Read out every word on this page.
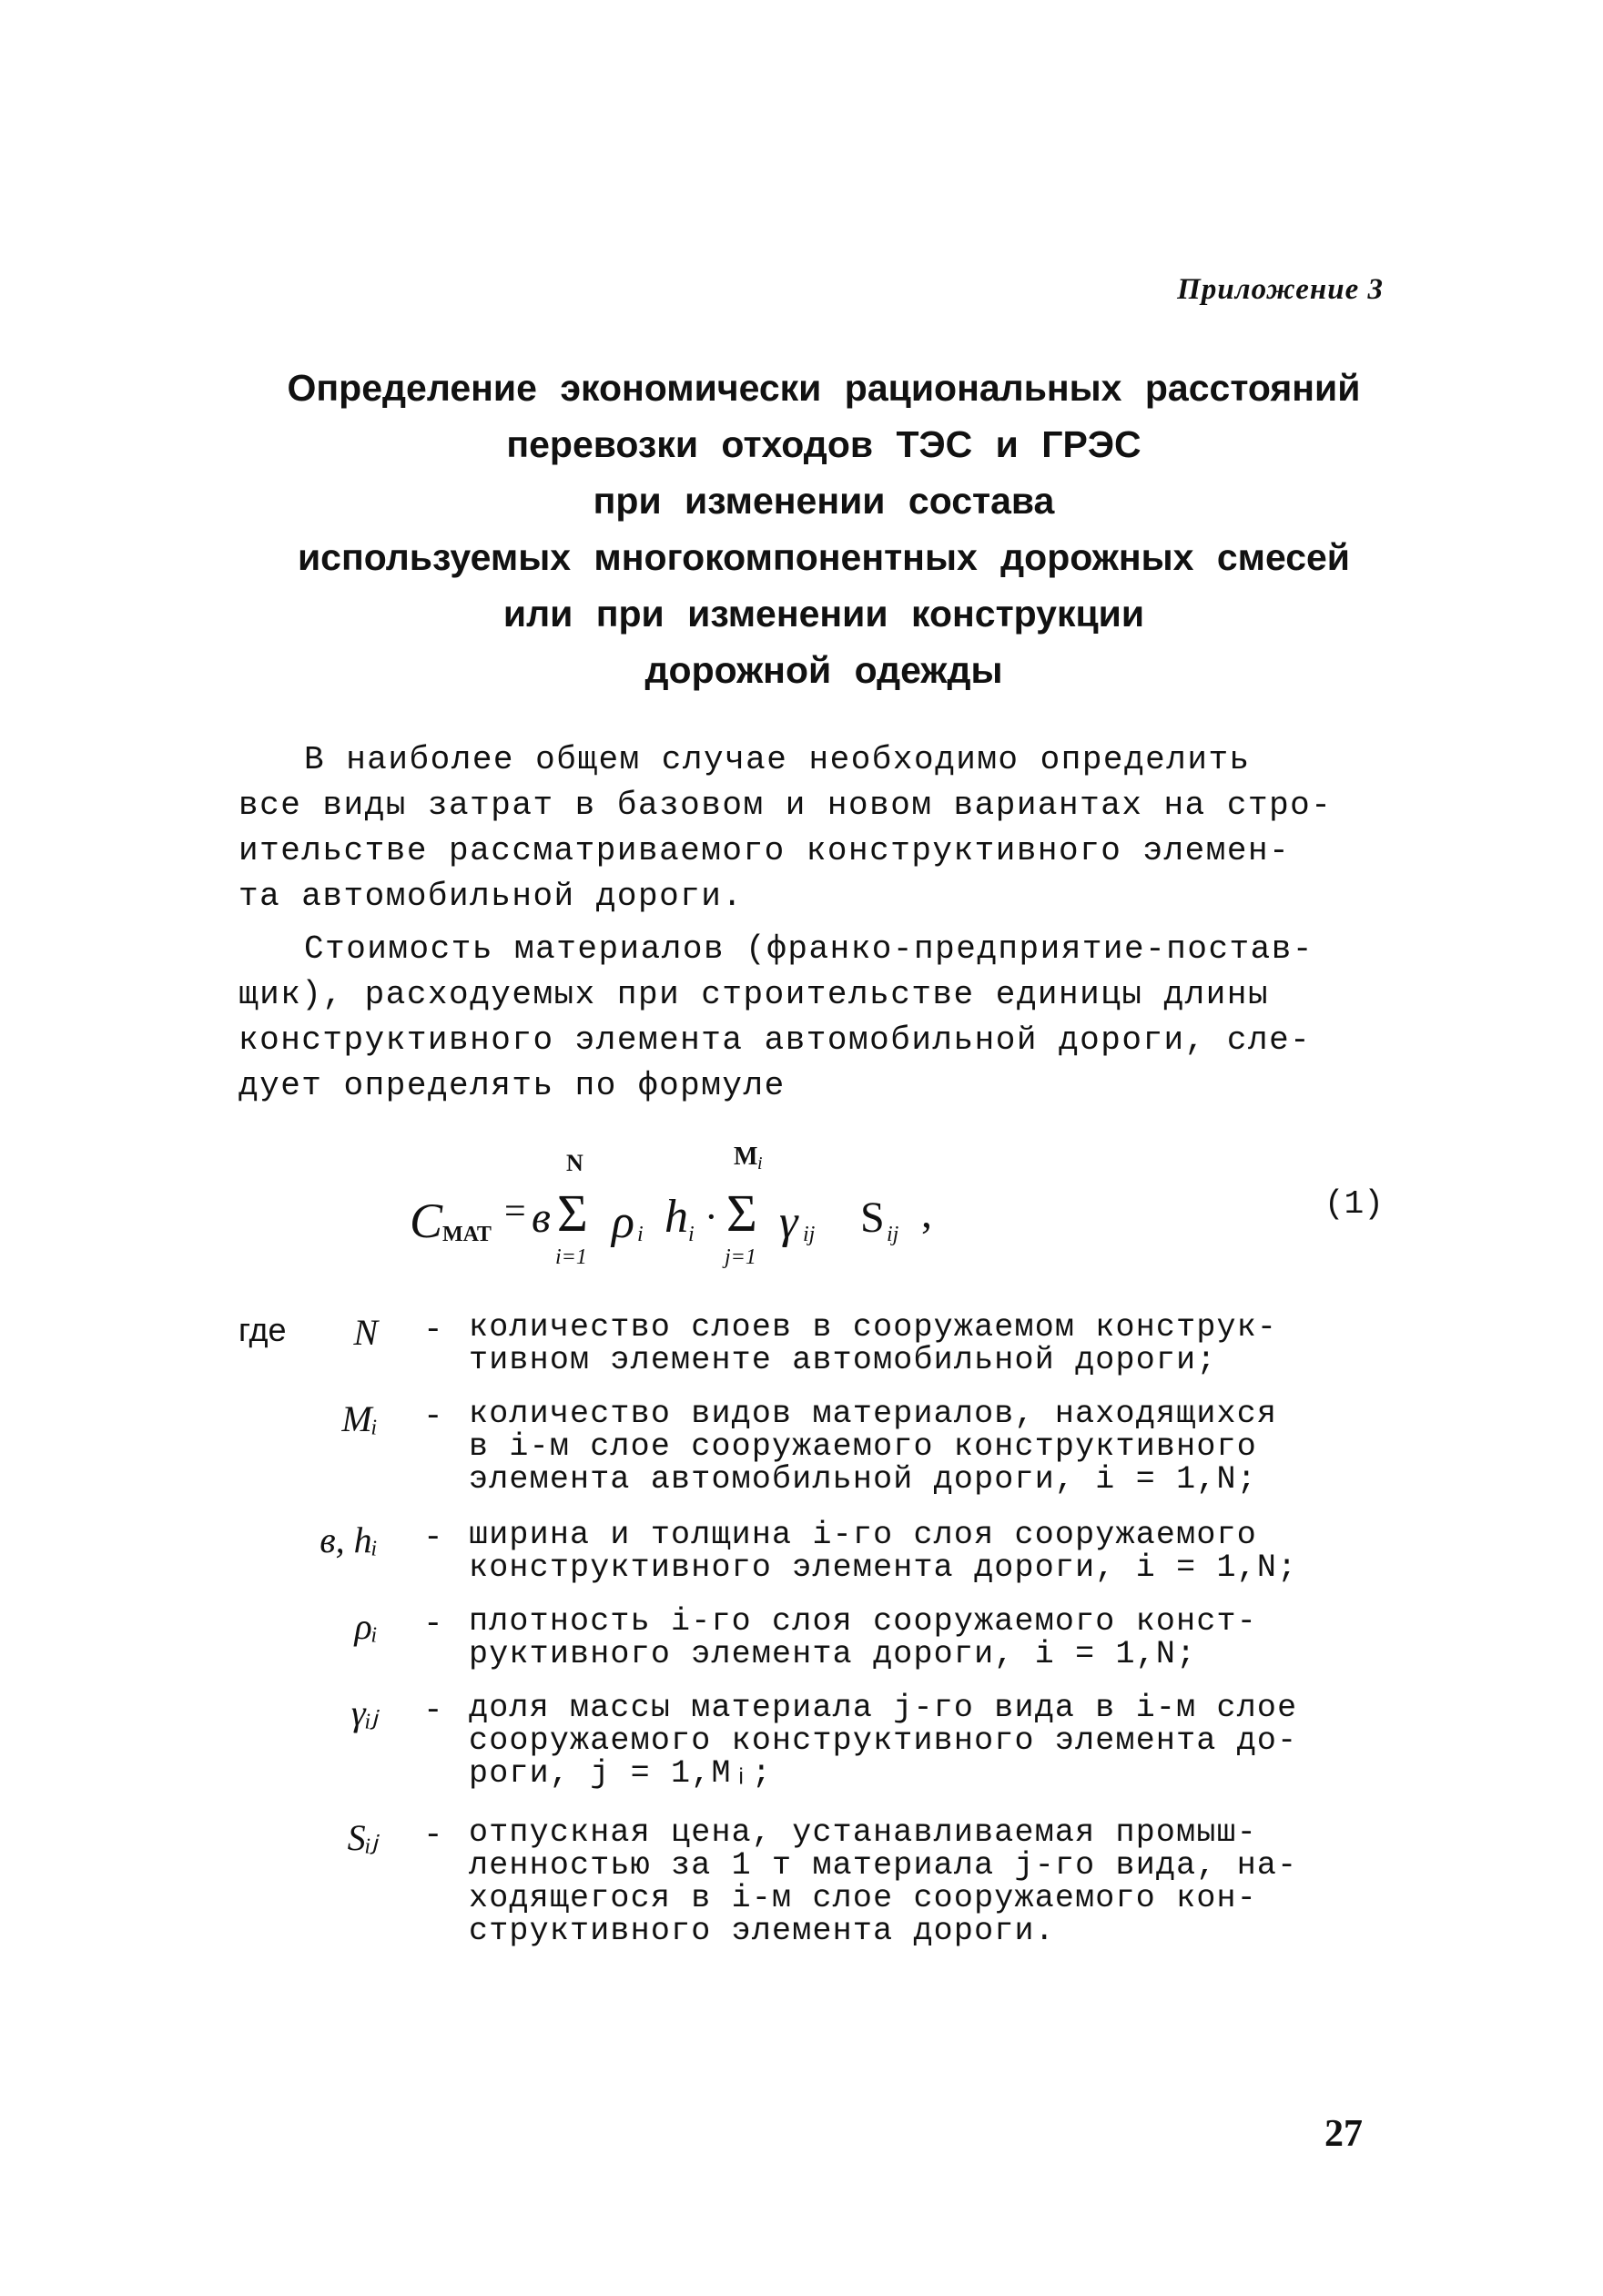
Приложение 3
Определение экономически рациональных расстояний
перевозки отходов ТЭС и ГРЭС
при изменении состава
используемых многокомпонентных дорожных смесей
или при изменении конструкции
дорожной одежды
В наиболее общем случае необходимо определить
все виды затрат в базовом и новом вариантах на стро-
ительстве рассматриваемого конструктивного элемен-
та автомобильной дороги.
Стоимость материалов (франко-предприятие-постав-
щик), расходуемых при строительстве единицы длины
конструктивного элемента автомобильной дороги, сле-
дует определять по формуле
C МАТ
= в
N
Σ
i=1
ρ i h i ·
M i
Σ
j=1
γ ij S ij ,	(1)
где N - количество слоев в сооружаемом конструк-
тивном элементе автомобильной дороги;
Mᵢ - количество видов материалов, находящихся
в i-м слое сооружаемого конструктивного
элемента автомобильной дороги, i = 1,N;
в, hᵢ - ширина и толщина i-го слоя сооружаемого
конструктивного элемента дороги, i = 1,N;
ρᵢ - плотность i-го слоя сооружаемого конст-
руктивного элемента дороги, i = 1,N;
γᵢⱼ - доля массы материала j-го вида в i-м слое
сооружаемого конструктивного элемента до-
роги, j = 1,Mᵢ;
Sᵢⱼ - отпускная цена, устанавливаемая промыш-
ленностью за 1 т материала j-го вида, на-
ходящегося в i-м слое сооружаемого кон-
структивного элемента дороги.
27
